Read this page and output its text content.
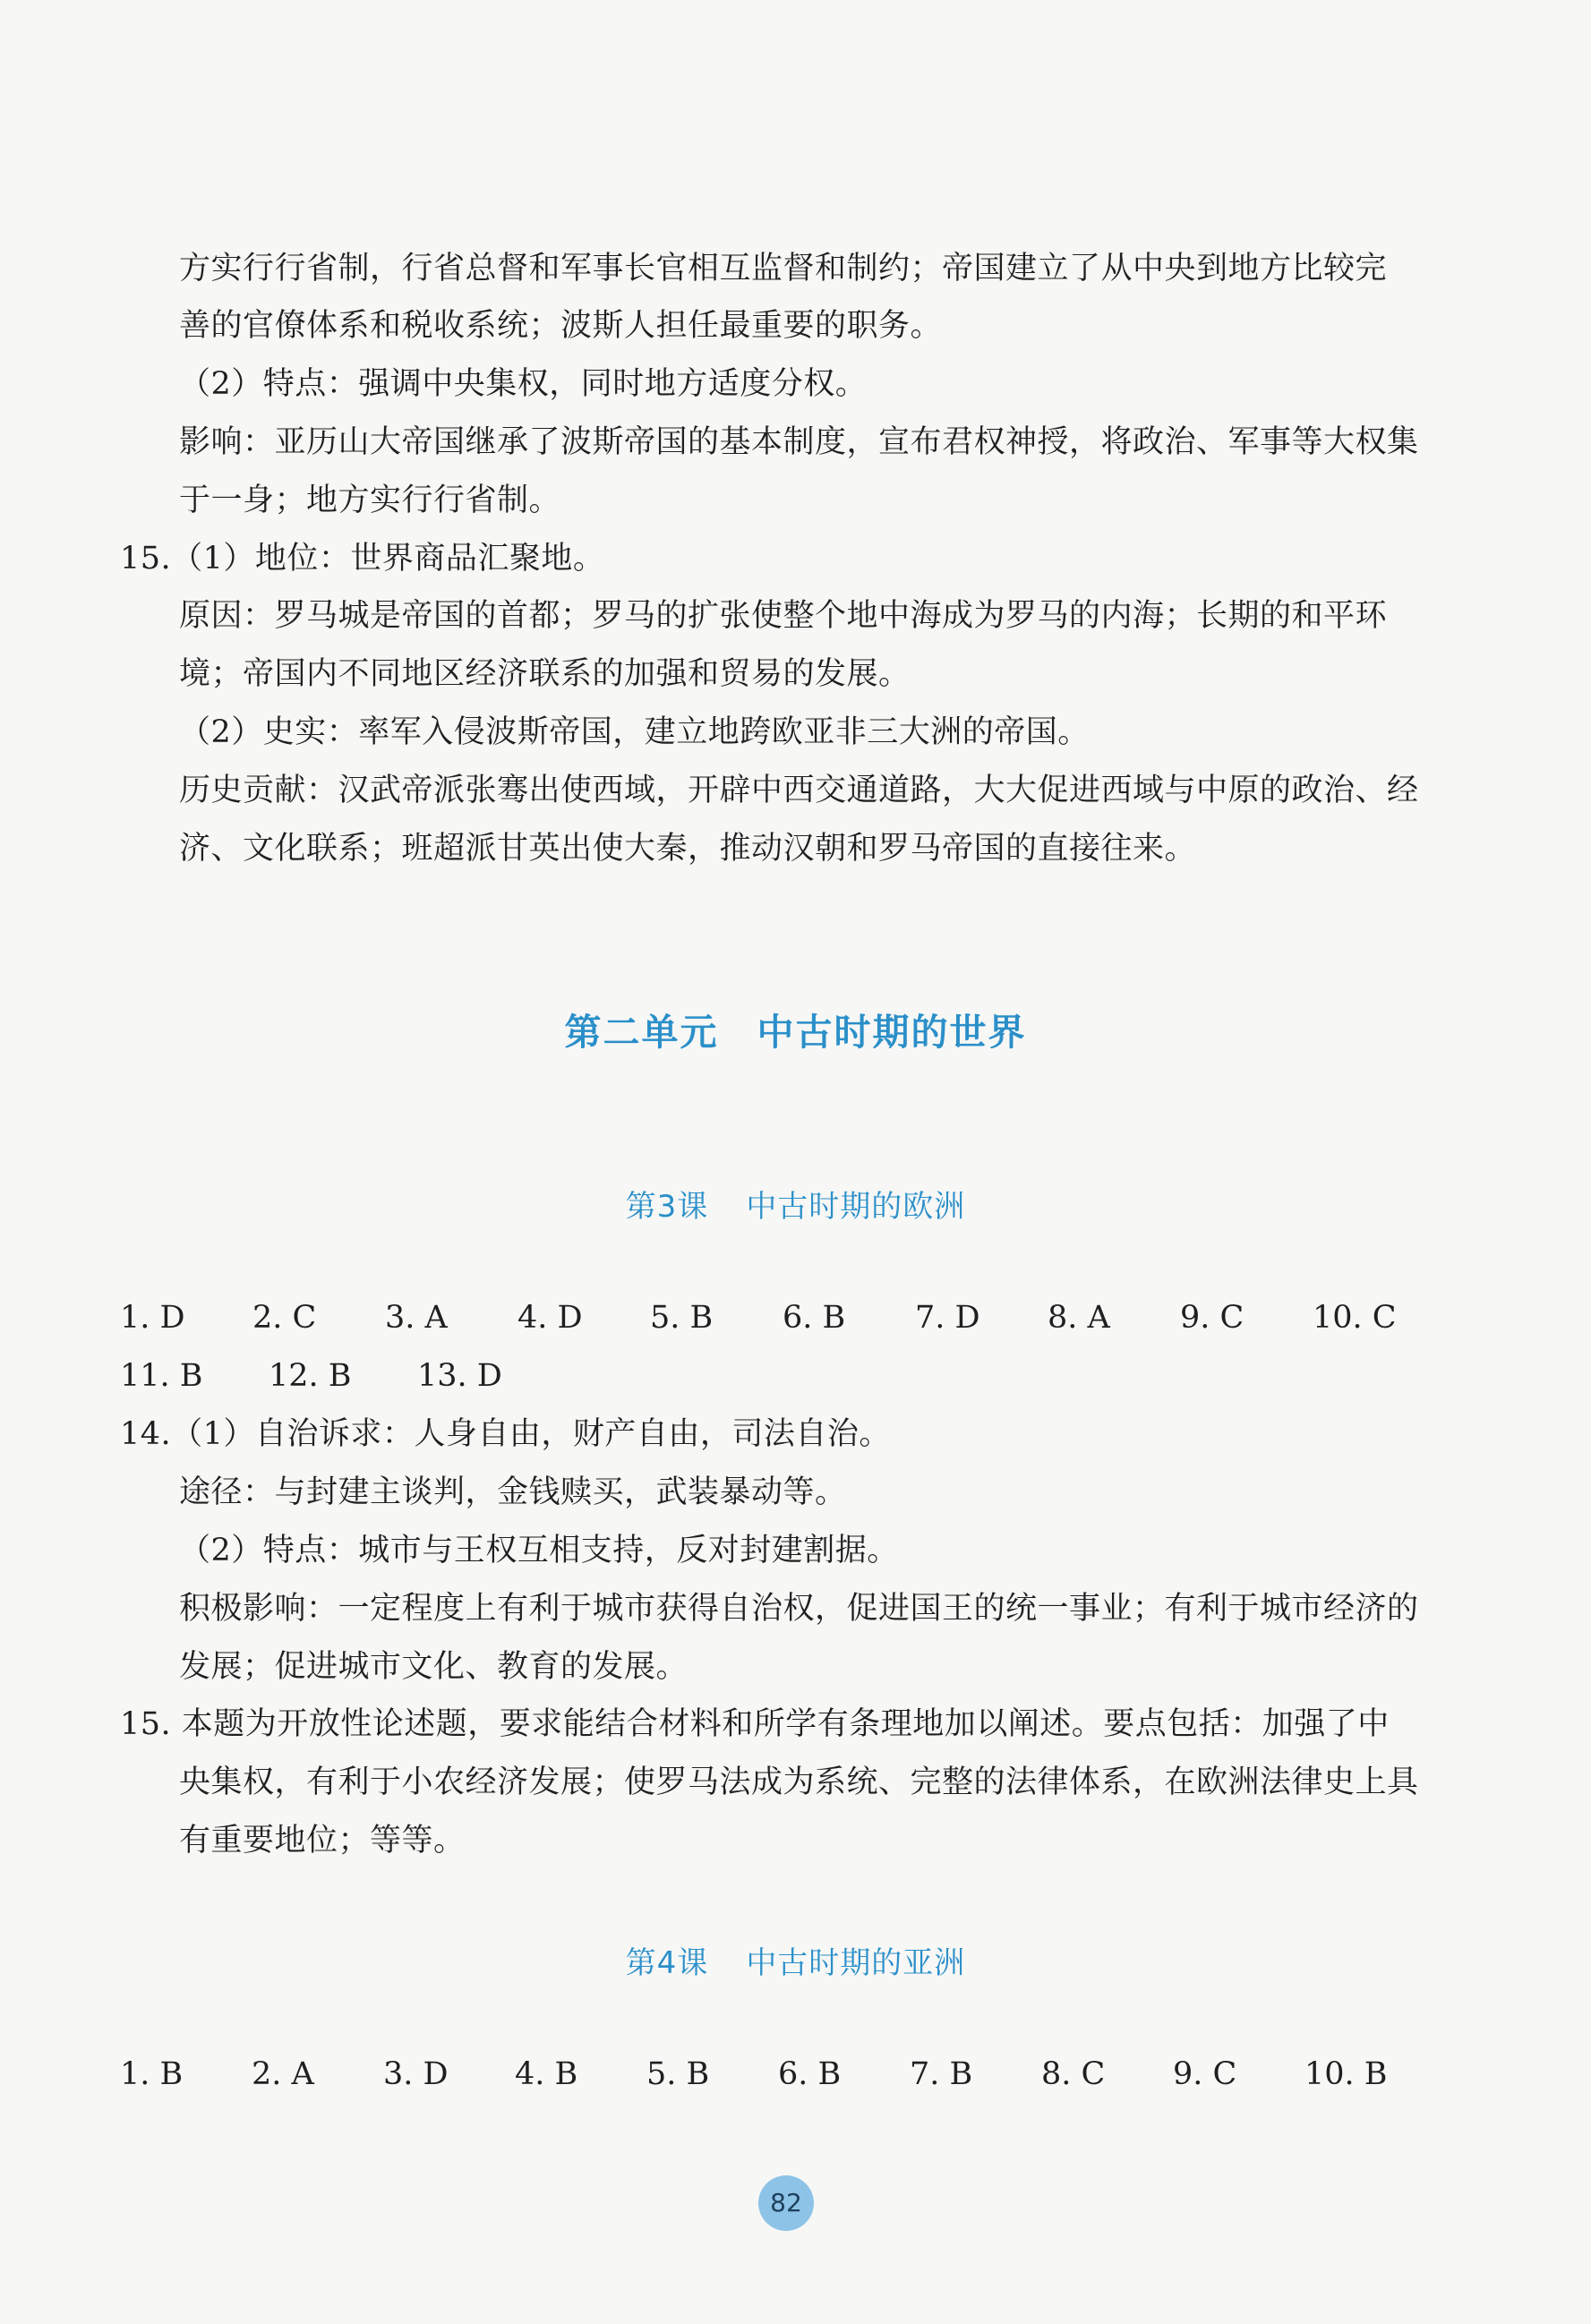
方实行行省制，行省总督和军事长官相互监督和制约；帝国建立了从中央到地方比较完
善的官僚体系和税收系统；波斯人担任最重要的职务。
（2）特点：强调中央集权，同时地方适度分权。
影响：亚历山大帝国继承了波斯帝国的基本制度，宣布君权神授，将政治、军事等大权集
于一身；地方实行行省制。
15.（1）地位：世界商品汇聚地。
原因：罗马城是帝国的首都；罗马的扩张使整个地中海成为罗马的内海；长期的和平环
境；帝国内不同地区经济联系的加强和贸易的发展。
（2）史实：率军入侵波斯帝国，建立地跨欧亚非三大洲的帝国。
历史贡献：汉武帝派张骞出使西域，开辟中西交通道路，大大促进西域与中原的政治、经
济、文化联系；班超派甘英出使大秦，推动汉朝和罗马帝国的直接往来。
第二单元　中古时期的世界
第3课 中古时期的欧洲
1. D 2. C 3. A 4. D 5. B 6. B 7. D 8. A 9. C 10. C
11. B 12. B 13. D
14.（1）自治诉求：人身自由，财产自由，司法自治。
途径：与封建主谈判，金钱赎买，武装暴动等。
（2）特点：城市与王权互相支持，反对封建割据。
积极影响：一定程度上有利于城市获得自治权，促进国王的统一事业；有利于城市经济的
发展；促进城市文化、教育的发展。
15. 本题为开放性论述题，要求能结合材料和所学有条理地加以阐述。要点包括：加强了中
央集权，有利于小农经济发展；使罗马法成为系统、完整的法律体系，在欧洲法律史上具
有重要地位；等等。
第4课 中古时期的亚洲
1. B 2. A 3. D 4. B 5. B 6. B 7. B 8. C 9. C 10. B
82
